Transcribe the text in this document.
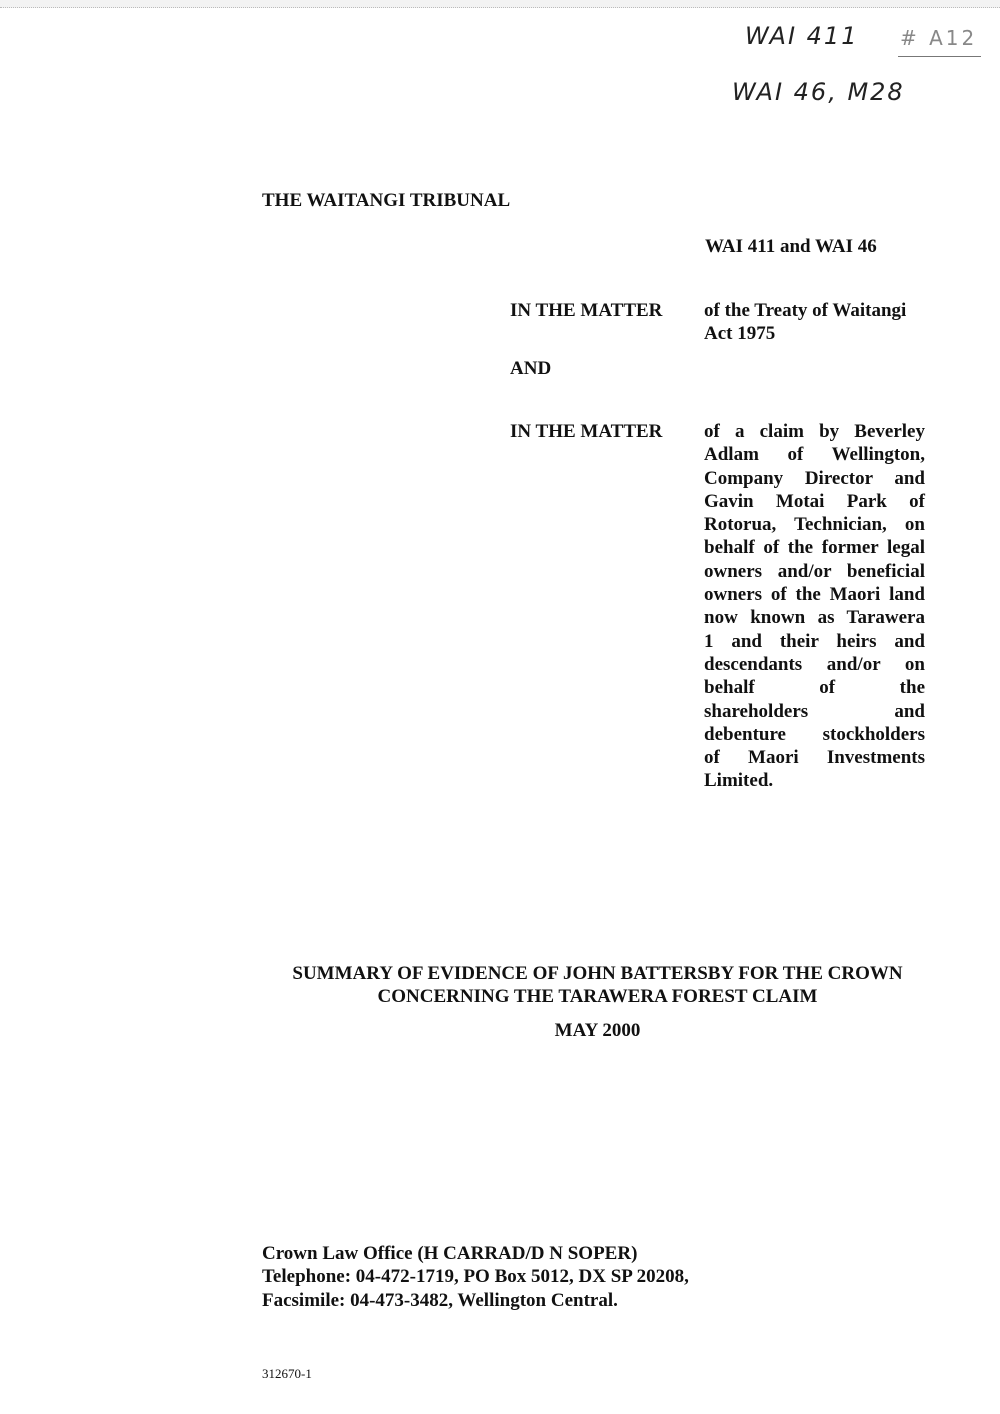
WAI 411 # A12
WAI 46, M28
THE WAITANGI TRIBUNAL
WAI 411 and WAI 46
IN THE MATTER of the Treaty of Waitangi
Act 1975
AND
IN THE MATTER of a claim by Beverley
Adlam of Wellington,
Company Director and
Gavin Motai Park of
Rotorua, Technician, on
behalf of the former legal
owners and/or beneficial
owners of the Maori land
now known as Tarawera
1 and their heirs and
descendants and/or on
behalf of the
shareholders and
debenture stockholders
of Maori Investments
Limited.
SUMMARY OF EVIDENCE OF JOHN BATTERSBY FOR THE CROWN
CONCERNING THE TARAWERA FOREST CLAIM
MAY 2000
Crown Law Office (H CARRAD/D N SOPER)
Telephone: 04-472-1719, PO Box 5012, DX SP 20208,
Facsimile: 04-473-3482, Wellington Central.
312670-1
